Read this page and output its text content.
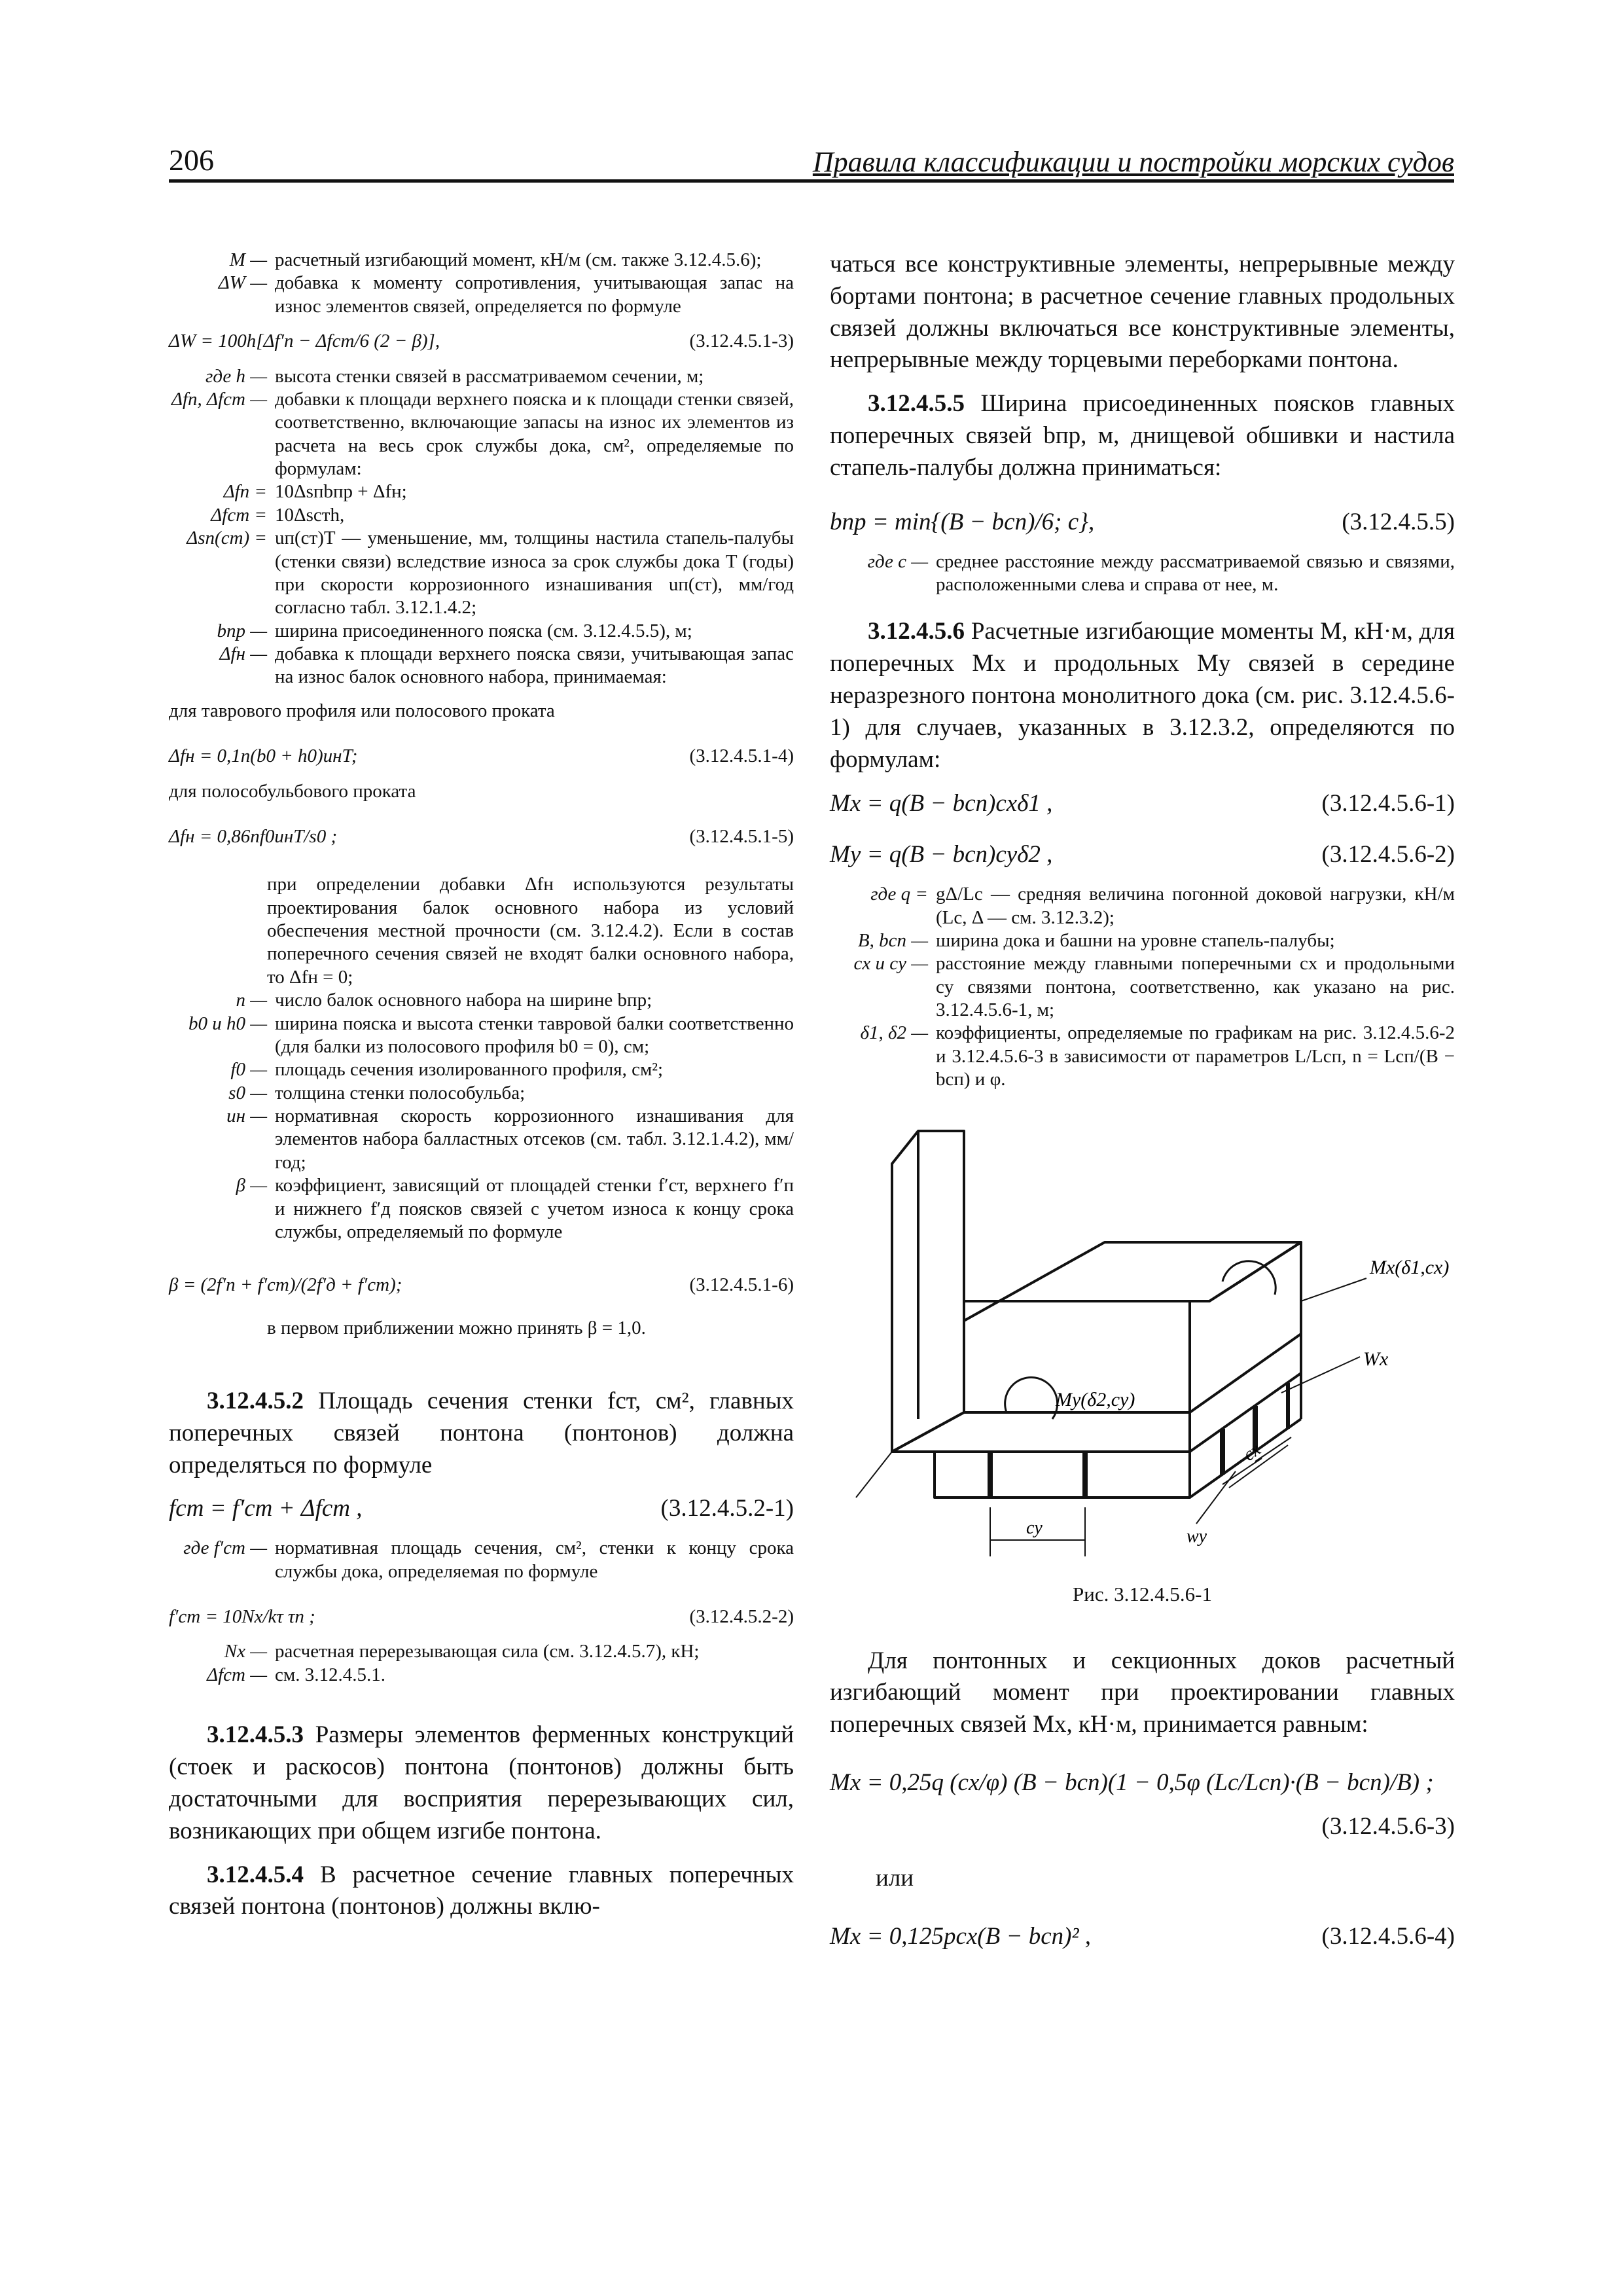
206	Правила классификации и постройки морских судов
M — расчетный изгибающий момент, кН/м (см. также 3.12.4.5.6);
ΔW — добавка к моменту сопротивления, учитывающая запас на износ элементов связей, определяется по формуле
ΔW = 100h[Δf′п − Δfст/6 (2 − β)],	(3.12.4.5.1-3)
где h — высота стенки связей в рассматриваемом сечении, м;
Δfп, Δfст — добавки к площади верхнего пояска и к площади стенки связей, соответственно, включающие запасы на износ их элементов из расчета на весь срок службы дока, см², определяемые по формулам:
Δfп = 10Δsпbпр + Δfн;
Δfст = 10Δsстh,
Δsп(ст) = uп(ст)T — уменьшение, мм, толщины настила стапель-палубы (стенки связи) вследствие износа за срок службы дока T (годы) при скорости коррозионного изнашивания uп(ст), мм/год согласно табл. 3.12.1.4.2;
bпр — ширина присоединенного пояска (см. 3.12.4.5.5), м;
Δfн — добавка к площади верхнего пояска связи, учитывающая запас на износ балок основного набора, принимаемая:
для таврового профиля или полосового проката
Δfн = 0,1n(b0 + h0)uнT;	(3.12.4.5.1-4)
для полособульбового проката
Δfн = 0,86nf0uнT/s0 ;	(3.12.4.5.1-5)
при определении добавки Δfн используются результаты проектирования балок основного набора из условий обеспечения местной прочности (см. 3.12.4.2). Если в состав поперечного сечения связей не входят балки основного набора, то Δfн = 0;
n — число балок основного набора на ширине bпр;
b0 и h0 — ширина пояска и высота стенки тавровой балки соответственно (для балки из полосового профиля b0 = 0), см;
f0 — площадь сечения изолированного профиля, см²;
s0 — толщина стенки полособульба;
uн — нормативная скорость коррозионного изнашивания для элементов набора балластных отсеков (см. табл. 3.12.1.4.2), мм/год;
β — коэффициент, зависящий от площадей стенки f′ст, верхнего f′п и нижнего f′д поясков связей с учетом износа к концу срока службы, определяемый по формуле
β = (2f′п + f′ст)/(2f′д + f′ст);	(3.12.4.5.1-6)
в первом приближении можно принять β = 1,0.

3.12.4.5.2 Площадь сечения стенки fст, см², главных поперечных связей понтона (понтонов) должна определяться по формуле

fст = f′ст + Δfст ,	(3.12.4.5.2-1)
где f′ст — нормативная площадь сечения, см², стенки к концу срока службы дока, определяемая по формуле
f′ст = 10Nx/kτ τn ;	(3.12.4.5.2-2)
Nx — расчетная перерезывающая сила (см. 3.12.4.5.7), кН;
Δfст — см. 3.12.4.5.1.

3.12.4.5.3 Размеры элементов ферменных конструкций (стоек и раскосов) понтона (понтонов) должны быть достаточными для восприятия перерезывающих сил, возникающих при общем изгибе понтона.

3.12.4.5.4 В расчетное сечение главных поперечных связей понтона (понтонов) должны вклю-

чаться все конструктивные элементы, непрерывные между бортами понтона; в расчетное сечение главных продольных связей должны включаться все конструктивные элементы, непрерывные между торцевыми переборками понтона.

3.12.4.5.5 Ширина присоединенных поясков главных поперечных связей bпр, м, днищевой обшивки и настила стапель-палубы должна приниматься:

bпр = min{(B − bсп)/6; c},	(3.12.4.5.5)
где c — среднее расстояние между рассматриваемой связью и связями, расположенными слева и справа от нее, м.

3.12.4.5.6 Расчетные изгибающие моменты M, кН·м, для поперечных Mx и продольных My связей в середине неразрезного понтона монолитного дока (см. рис. 3.12.4.5.6-1) для случаев, указанных в 3.12.3.2, определяются по формулам:

Mx = q(B − bсп)cxδ1 ,	(3.12.4.5.6-1)
My = q(B − bсп)cyδ2 ,	(3.12.4.5.6-2)
где q = gΔ/Lc — средняя величина погонной доковой нагрузки, кН/м (Lc, Δ — см. 3.12.3.2);
B, bсп — ширина дока и башни на уровне стапель-палубы;
cx и cy — расстояние между главными поперечными cx и продольными cy связями понтона, соответственно, как указано на рис. 3.12.4.5.6-1, м;
δ1, δ2 — коэффициенты, определяемые по графикам на рис. 3.12.4.5.6-2 и 3.12.4.5.6-3 в зависимости от параметров L/Lсп, n = Lсп/(B − bсп) и φ.
Mx(δ1,cx)
Wx
My(δ2,cy)
cx
cy	wy
Рис. 3.12.4.5.6-1

Для понтонных и секционных доков расчетный изгибающий момент при проектировании главных поперечных связей Mx, кН·м, принимается равным:

Mx = 0,25q (cx/φ) (B − bсп)(1 − 0,5φ (Lc/Lсп)·(B − bсп)/B) ;
(3.12.4.5.6-3)
или
Mx = 0,125pcx(B − bсп)² ,	(3.12.4.5.6-4)
